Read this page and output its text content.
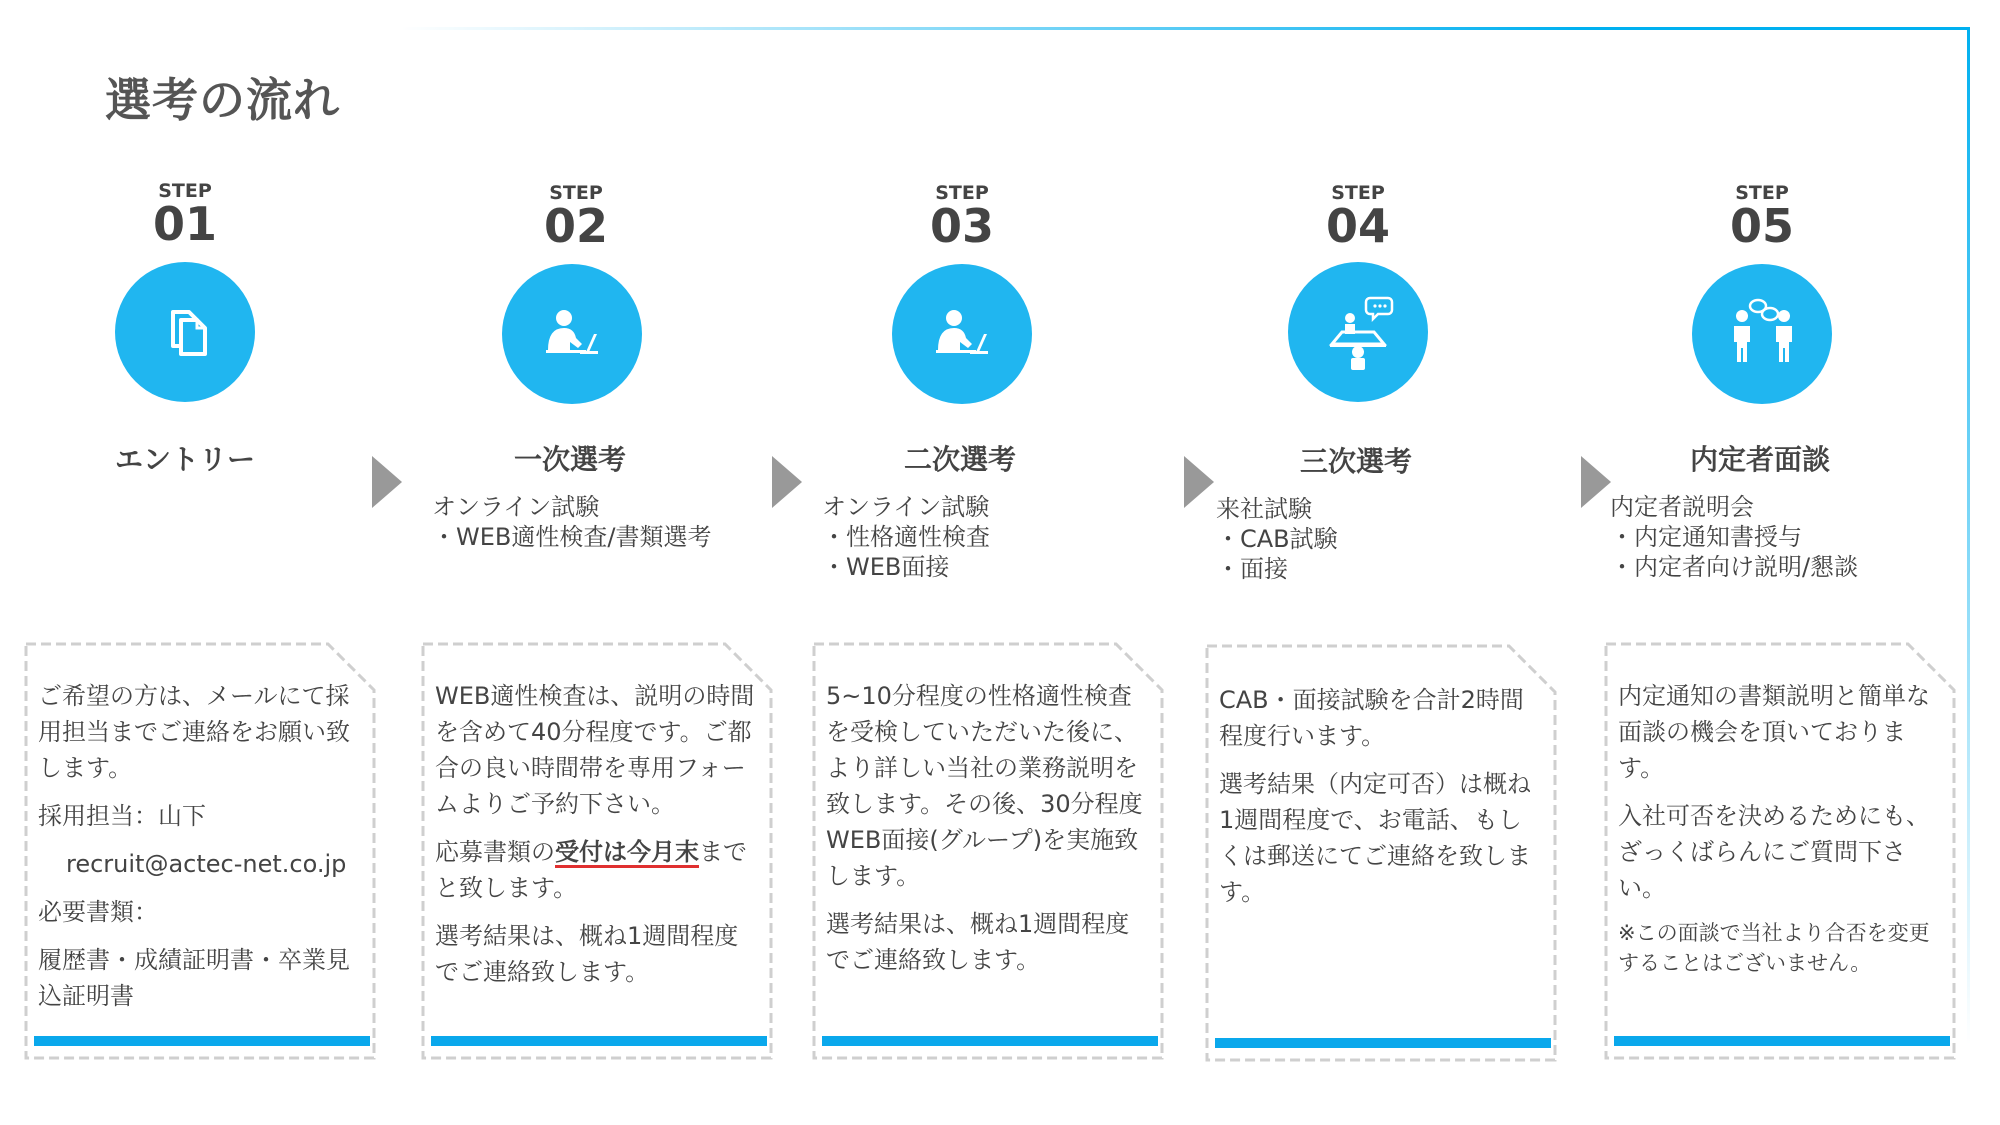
選考の流れ
STEP
01
エントリー
STEP
02
一次選考
オンライン試験
・WEB適性検査/書類選考
STEP
03
二次選考
オンライン試験
・性格適性検査
・WEB面接
STEP
04
三次選考
来社試験
・CAB試験
・面接
STEP
05
内定者面談
内定者説明会
・内定通知書授与
・内定者向け説明/懇談

ご希望の方は、メールにて採用担当までご連絡をお願い致します。

採用担当：山下

recruit@actec-net.co.jp

必要書類：

履歴書・成績証明書・卒業見込証明書

WEB適性検査は、説明の時間を含めて40分程度です。ご都合の良い時間帯を専用フォームよりご予約下さい。

応募書類の受付は今月末までと致します。

選考結果は、概ね1週間程度でご連絡致します。

5~10分程度の性格適性検査を受検していただいた後に、より詳しい当社の業務説明を致します。その後、30分程度WEB面接(グループ)を実施致します。

選考結果は、概ね1週間程度でご連絡致します。

CAB・面接試験を合計2時間程度行います。

選考結果（内定可否）は概ね1週間程度で、お電話、もしくは郵送にてご連絡を致します。

内定通知の書類説明と簡単な面談の機会を頂いております。

入社可否を決めるためにも、ざっくばらんにご質問下さい。

※この面談で当社より合否を変更することはございません。
